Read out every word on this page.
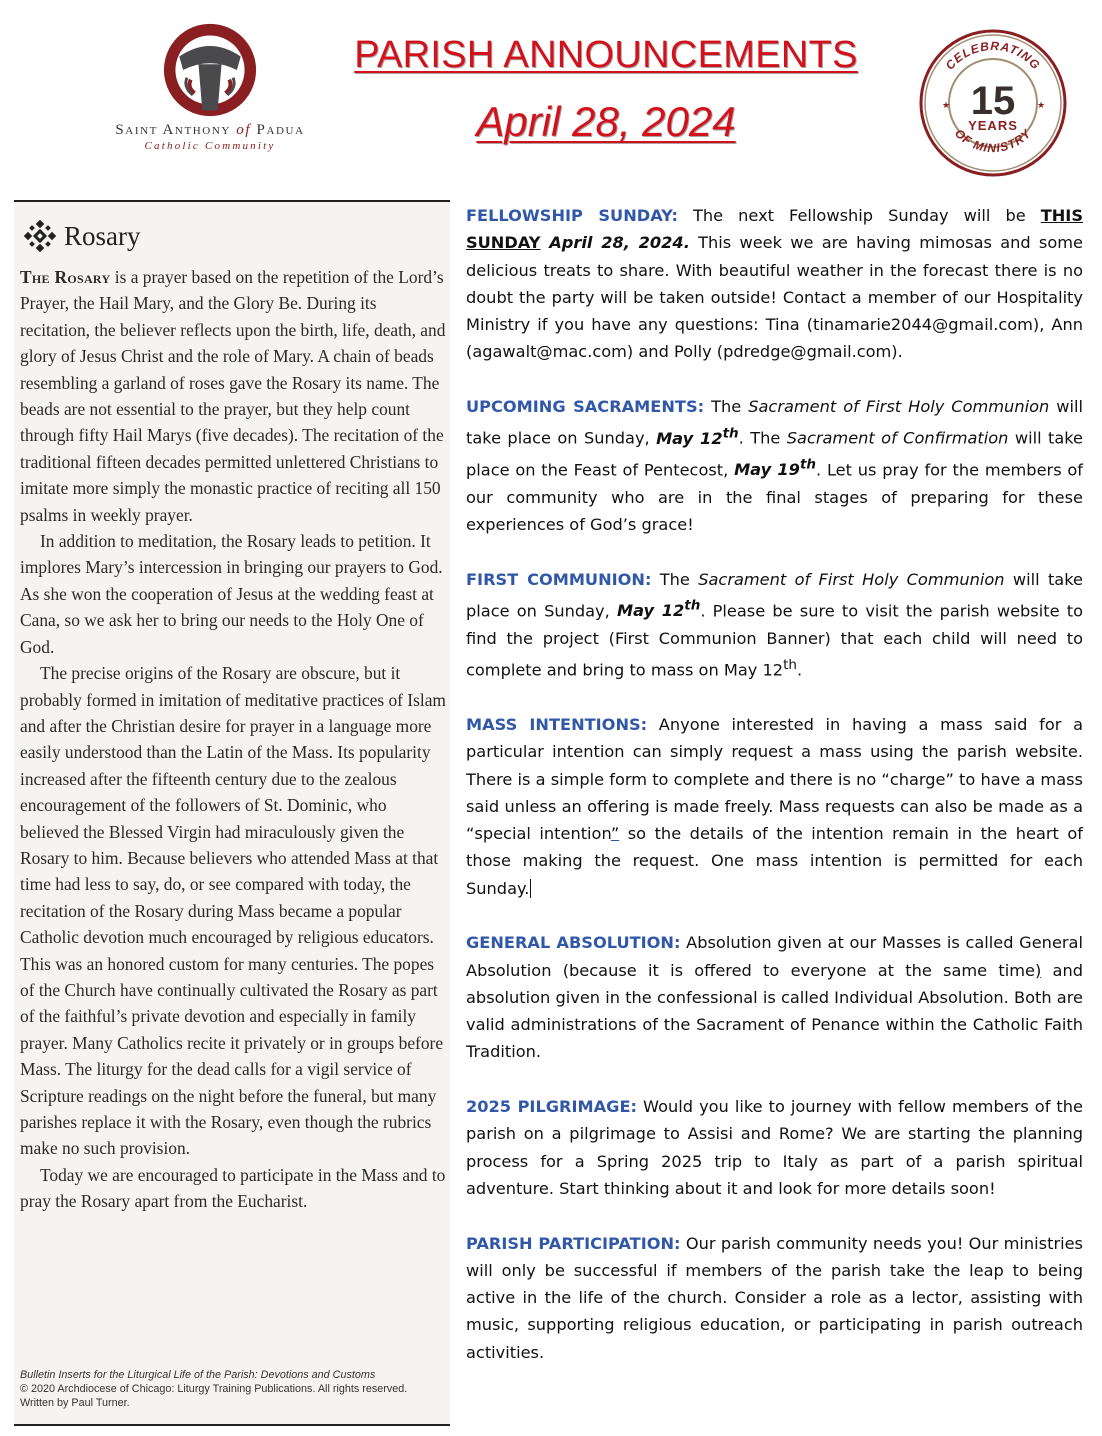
Saint Anthony of Padua
Catholic Community
PARISH ANNOUNCEMENTS
April 28, 2024
CELEBRATING
OF MINISTRY
15
YEARS
★	★
Rosary

The Rosary is a prayer based on the repetition of the Lord’s Prayer, the Hail Mary, and the Glory Be. During its recitation, the believer reflects upon the birth, life, death, and glory of Jesus Christ and the role of Mary. A chain of beads resembling a garland of roses gave the Rosary its name. The beads are not essential to the prayer, but they help count through fifty Hail Marys (five decades). The recitation of the traditional fifteen decades permitted unlettered Christians to imitate more simply the monastic practice of reciting all 150 psalms in weekly prayer.

In addition to meditation, the Rosary leads to petition. It implores Mary’s intercession in bringing our prayers to God. As she won the cooperation of Jesus at the wedding feast at Cana, so we ask her to bring our needs to the Holy One of God.

The precise origins of the Rosary are obscure, but it probably formed in imitation of meditative practices of Islam and after the Christian desire for prayer in a language more easily understood than the Latin of the Mass. Its popularity increased after the fifteenth century due to the zealous encouragement of the followers of St. Dominic, who believed the Blessed Virgin had miraculously given the Rosary to him. Because believers who attended Mass at that time had less to say, do, or see compared with today, the recitation of the Rosary during Mass became a popular Catholic devotion much encouraged by religious educators. This was an honored custom for many centuries. The popes of the Church have continually cultivated the Rosary as part of the faithful’s private devotion and especially in family prayer. Many Catholics recite it privately or in groups before Mass. The liturgy for the dead calls for a vigil service of Scripture readings on the night before the funeral, but many parishes replace it with the Rosary, even though the rubrics make no such provision.

Today we are encouraged to participate in the Mass and to pray the Rosary apart from the Eucharist.

Bulletin Inserts for the Liturgical Life of the Parish: Devotions and Customs
© 2020 Archdiocese of Chicago: Liturgy Training Publications. All rights reserved. Written by Paul Turner.

FELLOWSHIP SUNDAY: The next Fellowship Sunday will be THIS SUNDAY April 28, 2024. This week we are having mimosas and some delicious treats to share. With beautiful weather in the forecast there is no doubt the party will be taken outside! Contact a member of our Hospitality Ministry if you have any questions: Tina (tinamarie2044@gmail.com), Ann (agawalt@mac.com) and Polly (pdredge@gmail.com).

UPCOMING SACRAMENTS: The Sacrament of First Holy Communion will take place on Sunday, May 12th. The Sacrament of Confirmation will take place on the Feast of Pentecost, May 19th. Let us pray for the members of our community who are in the final stages of preparing for these experiences of God’s grace!

FIRST COMMUNION: The Sacrament of First Holy Communion will take place on Sunday, May 12th. Please be sure to visit the parish website to find the project (First Communion Banner) that each child will need to complete and bring to mass on May 12th.

MASS INTENTIONS: Anyone interested in having a mass said for a particular intention can simply request a mass using the parish website. There is a simple form to complete and there is no “charge” to have a mass said unless an offering is made freely. Mass requests can also be made as a “special intention” so the details of the intention remain in the heart of those making the request. One mass intention is permitted for each Sunday.

GENERAL ABSOLUTION: Absolution given at our Masses is called General Absolution (because it is offered to everyone at the same time) and absolution given in the confessional is called Individual Absolution. Both are valid administrations of the Sacrament of Penance within the Catholic Faith Tradition.

2025 PILGRIMAGE: Would you like to journey with fellow members of the parish on a pilgrimage to Assisi and Rome? We are starting the planning process for a Spring 2025 trip to Italy as part of a parish spiritual adventure. Start thinking about it and look for more details soon!

PARISH PARTICIPATION: Our parish community needs you! Our ministries will only be successful if members of the parish take the leap to being active in the life of the church. Consider a role as a lector, assisting with music, supporting religious education, or participating in parish outreach activities.
